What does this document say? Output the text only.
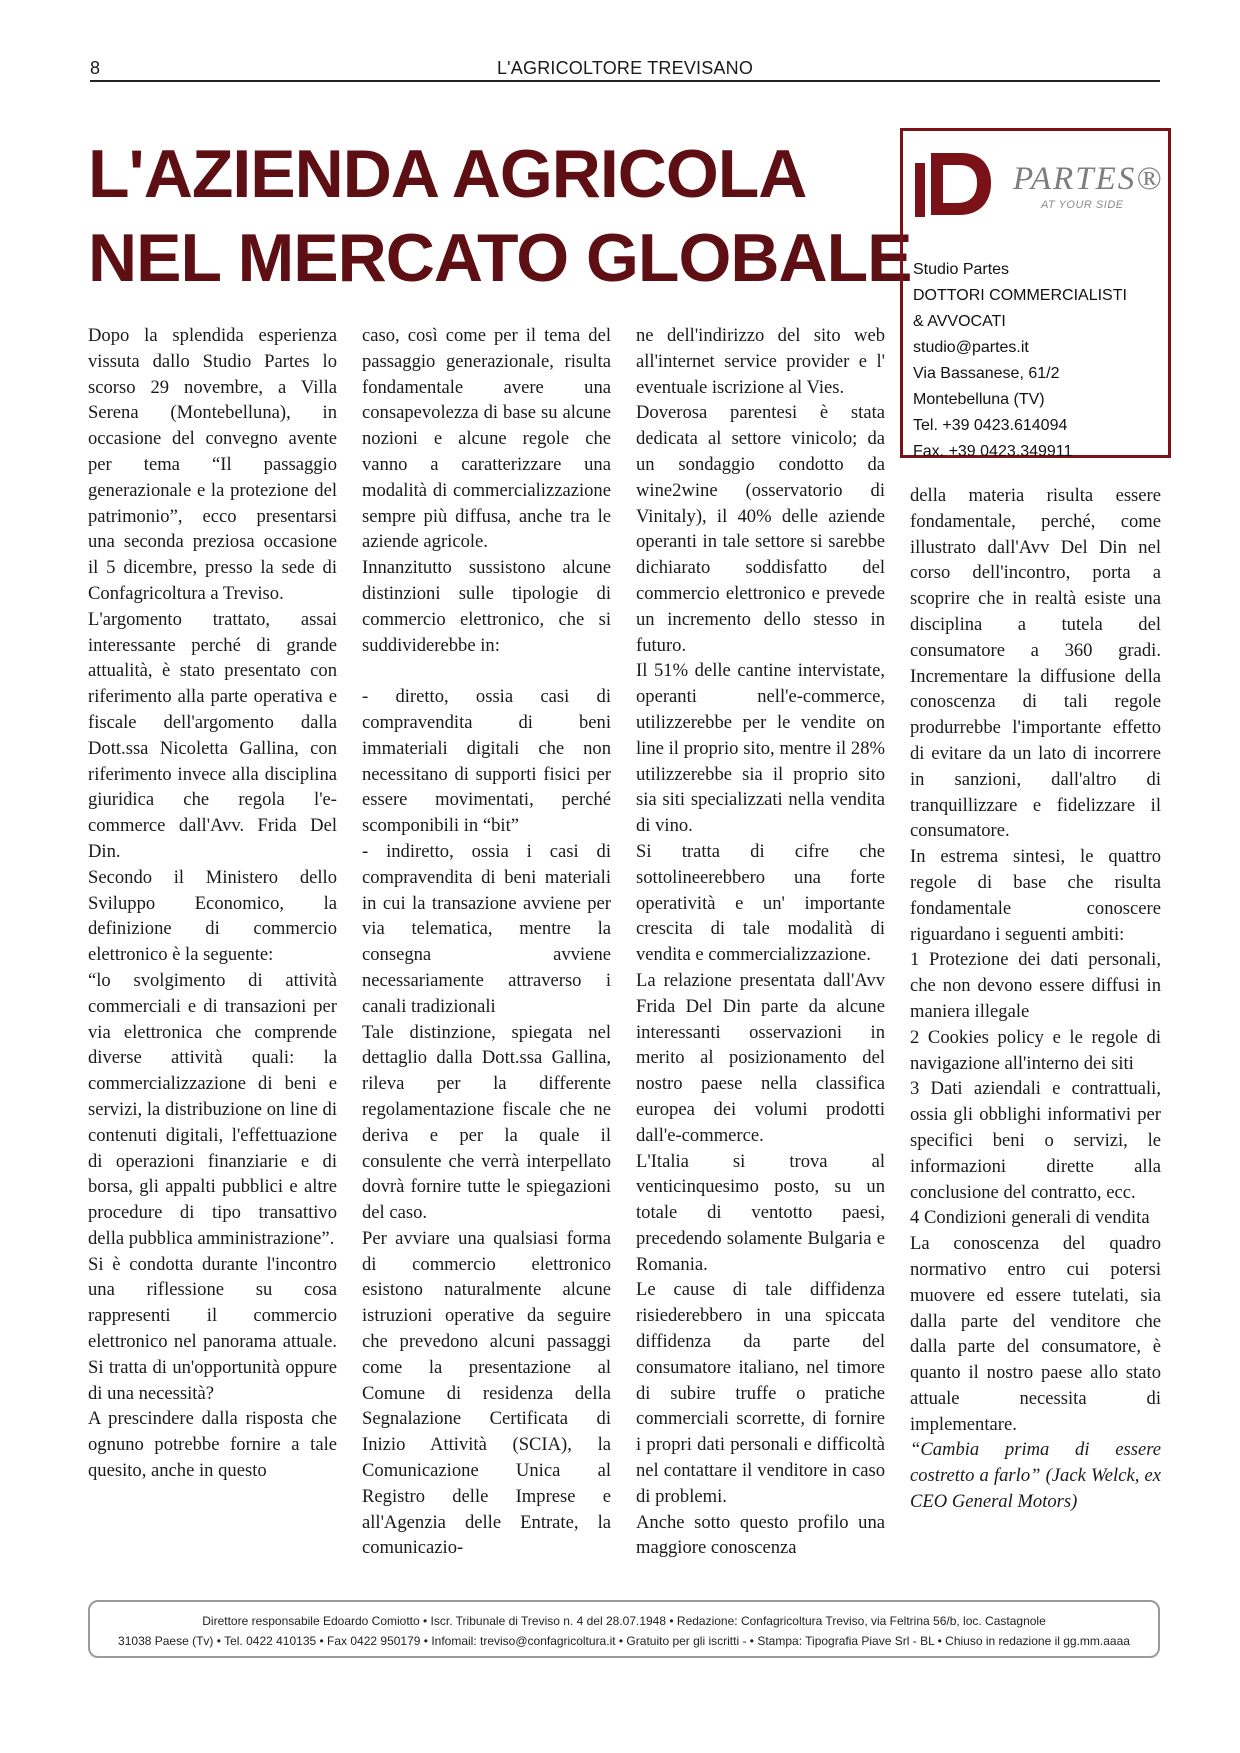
8	L'AGRICOLTORE TREVISANO
L'AZIENDA AGRICOLA
NEL MERCATO GLOBALE
PARTES®
AT YOUR SIDE
Studio Partes
DOTTORI COMMERCIALISTI
& AVVOCATI
studio@partes.it
Via Bassanese, 61/2
Montebelluna (TV)
Tel. +39 0423.614094
Fax. +39 0423.349911

Dopo la splendida esperienza vissuta dallo Studio Partes lo scorso 29 novembre, a Villa Serena (Montebelluna), in occasione del convegno avente per tema “Il passaggio generazionale e la protezione del patrimonio”, ecco presentarsi una seconda preziosa occasione il 5 dicembre, presso la sede di Confagricoltura a Treviso.

L'argomento trattato, assai interessante perché di grande attualità, è stato presentato con riferimento alla parte operativa e fiscale dell'argomento dalla Dott.ssa Nicoletta Gallina, con riferimento invece alla disciplina giuridica che regola l'e-commerce dall'Avv. Frida Del Din.

Secondo il Ministero dello Sviluppo Economico, la definizione di commercio elettronico è la seguente:

“lo svolgimento di attività commerciali e di transazioni per via elettronica che comprende diverse attività quali: la commercializzazione di beni e servizi, la distribuzione on line di contenuti digitali, l'effettuazione di operazioni finanziarie e di borsa, gli appalti pubblici e altre procedure di tipo transattivo della pubblica amministrazione”.

Si è condotta durante l'incontro una riflessione su cosa rappresenti il commercio elettronico nel panorama attuale. Si tratta di un'opportunità oppure di una necessità?

A prescindere dalla risposta che ognuno potrebbe fornire a tale quesito, anche in questo

caso, così come per il tema del passaggio generazionale, risulta fondamentale avere una consapevolezza di base su alcune nozioni e alcune regole che vanno a caratterizzare una modalità di commercializzazione sempre più diffusa, anche tra le aziende agricole.

Innanzitutto sussistono alcune distinzioni sulle tipologie di commercio elettronico, che si suddividerebbe in:

- diretto, ossia casi di compravendita di beni immateriali digitali che non necessitano di supporti fisici per essere movimentati, perché scomponibili in “bit”

- indiretto, ossia i casi di compravendita di beni materiali in cui la transazione avviene per via telematica, mentre la consegna avviene necessariamente attraverso i canali tradizionali

Tale distinzione, spiegata nel dettaglio dalla Dott.ssa Gallina, rileva per la differente regolamentazione fiscale che ne deriva e per la quale il consulente che verrà interpellato dovrà fornire tutte le spiegazioni del caso.

Per avviare una qualsiasi forma di commercio elettronico esistono naturalmente alcune istruzioni operative da seguire che prevedono alcuni passaggi come la presentazione al Comune di residenza della Segnalazione Certificata di Inizio Attività (SCIA), la Comunicazione Unica al Registro delle Imprese e all'Agenzia delle Entrate, la comunicazio-

ne dell'indirizzo del sito web all'internet service provider e l' eventuale iscrizione al Vies.

Doverosa parentesi è stata dedicata al settore vinicolo; da un sondaggio condotto da wine2wine (osservatorio di Vinitaly), il 40% delle aziende operanti in tale settore si sarebbe dichiarato soddisfatto del commercio elettronico e prevede un incremento dello stesso in futuro.

Il 51% delle cantine intervistate, operanti nell'e-commerce, utilizzerebbe per le vendite on line il proprio sito, mentre il 28% utilizzerebbe sia il proprio sito sia siti specializzati nella vendita di vino.

Si tratta di cifre che sottolineerebbero una forte operatività e un' importante crescita di tale modalità di vendita e commercializzazione.

La relazione presentata dall'Avv Frida Del Din parte da alcune interessanti osservazioni in merito al posizionamento del nostro paese nella classifica europea dei volumi prodotti dall'e-commerce.

L'Italia si trova al venticinquesimo posto, su un totale di ventotto paesi, precedendo solamente Bulgaria e Romania.

Le cause di tale diffidenza risiederebbero in una spiccata diffidenza da parte del consumatore italiano, nel timore di subire truffe o pratiche commerciali scorrette, di fornire i propri dati personali e difficoltà nel contattare il venditore in caso di problemi.

Anche sotto questo profilo una maggiore conoscenza

della materia risulta essere fondamentale, perché, come illustrato dall'Avv Del Din nel corso dell'incontro, porta a scoprire che in realtà esiste una disciplina a tutela del consumatore a 360 gradi. Incrementare la diffusione della conoscenza di tali regole produrrebbe l'importante effetto di evitare da un lato di incorrere in sanzioni, dall'altro di tranquillizzare e fidelizzare il consumatore.

In estrema sintesi, le quattro regole di base che risulta fondamentale conoscere riguardano i seguenti ambiti:

1 Protezione dei dati personali, che non devono essere diffusi in maniera illegale

2 Cookies policy e le regole di navigazione all'interno dei siti

3 Dati aziendali e contrattuali, ossia gli obblighi informativi per specifici beni o servizi, le informazioni dirette alla conclusione del contratto, ecc.

4 Condizioni generali di vendita

La conoscenza del quadro normativo entro cui potersi muovere ed essere tutelati, sia dalla parte del venditore che dalla parte del consumatore, è quanto il nostro paese allo stato attuale necessita di implementare.

“Cambia prima di essere costretto a farlo” (Jack Welck, ex CEO General Motors)

Direttore responsabile Edoardo Comiotto • Iscr. Tribunale di Treviso n. 4 del 28.07.1948 • Redazione: Confagricoltura Treviso, via Feltrina 56/b, loc. Castagnole
31038 Paese (Tv) • Tel. 0422 410135 • Fax 0422 950179 • Infomail: treviso@confagricoltura.it • Gratuito per gli iscritti - • Stampa: Tipografia Piave Srl - BL • Chiuso in redazione il gg.mm.aaaa
